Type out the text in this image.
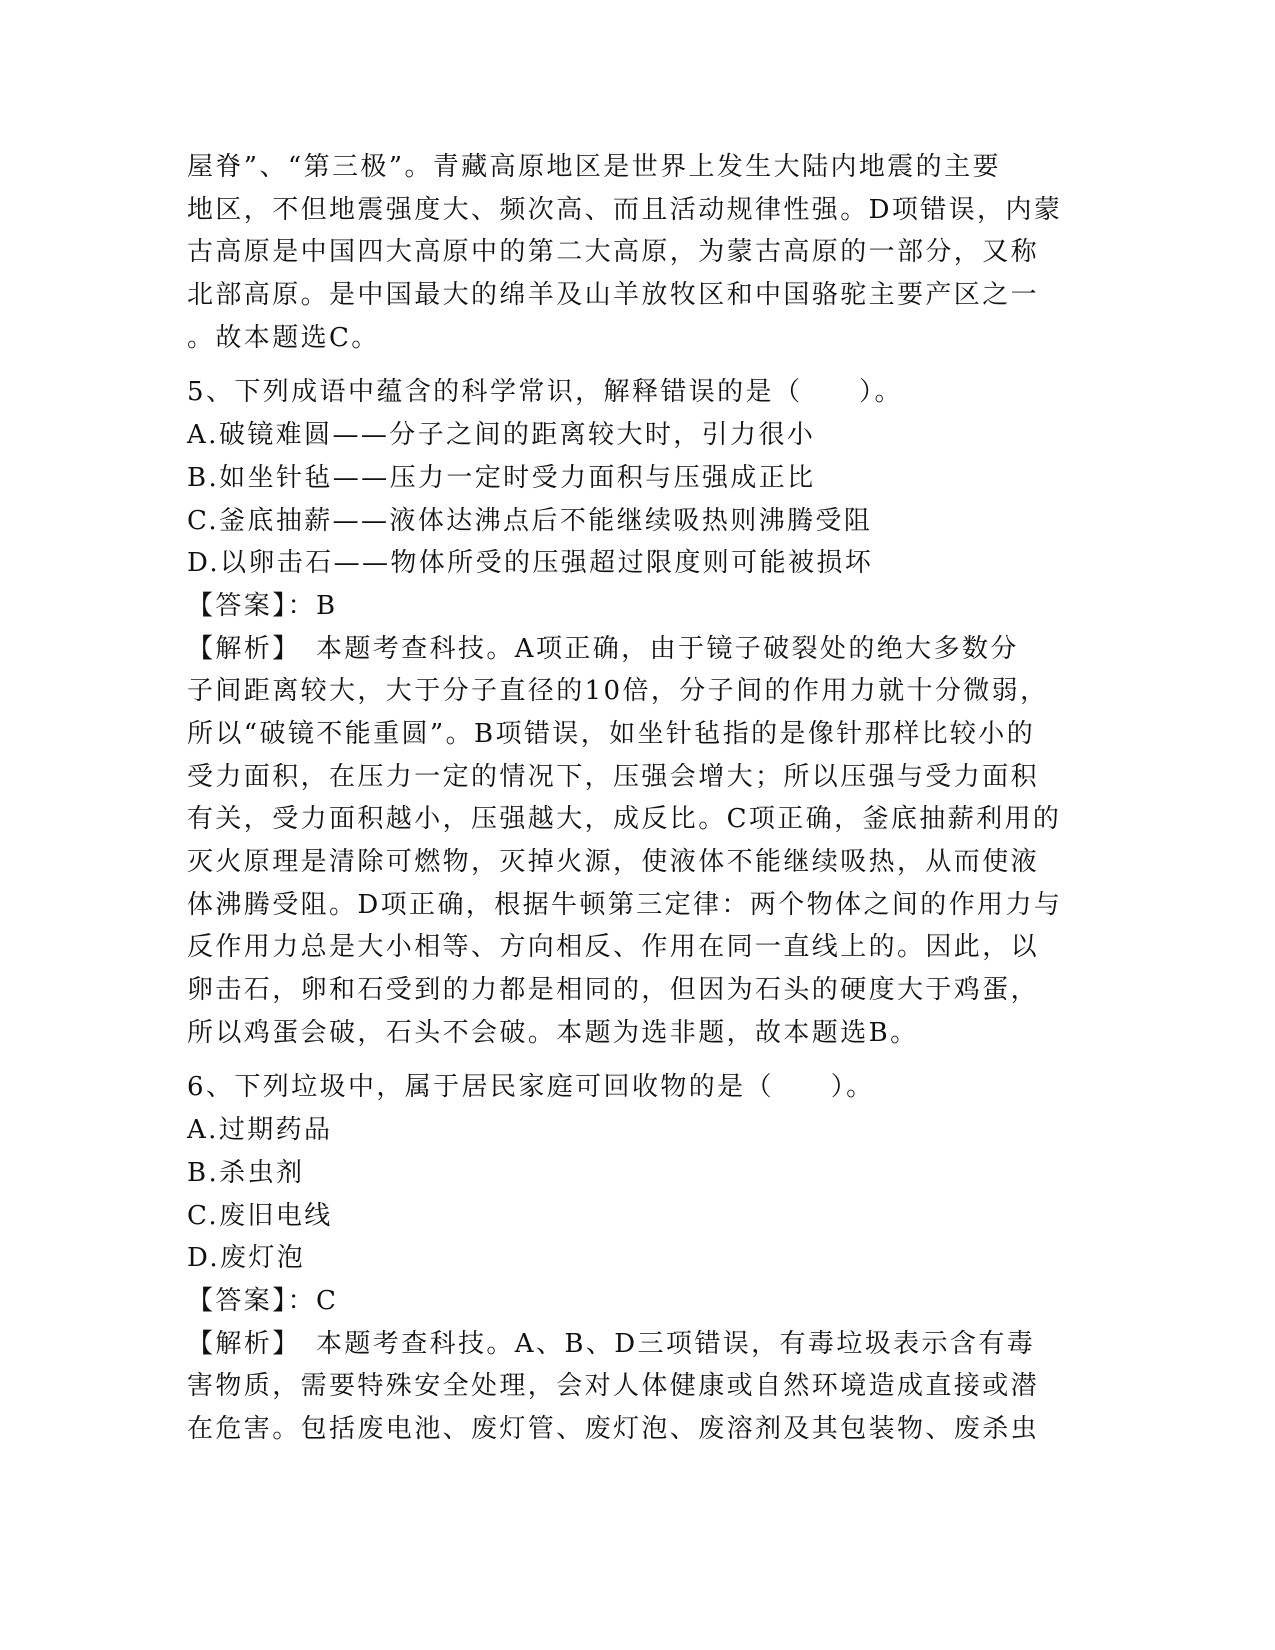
屋脊”、“第三极”。青藏高原地区是世界上发生大陆内地震的主要
地区，不但地震强度大、频次高、而且活动规律性强。D项错误，内蒙
古高原是中国四大高原中的第二大高原，为蒙古高原的一部分，又称
北部高原。是中国最大的绵羊及山羊放牧区和中国骆驼主要产区之一
。故本题选C。
5、下列成语中蕴含的科学常识，解释错误的是（　　）。
A.破镜难圆——分子之间的距离较大时，引力很小
B.如坐针毡——压力一定时受力面积与压强成正比
C.釜底抽薪——液体达沸点后不能继续吸热则沸腾受阻
D.以卵击石——物体所受的压强超过限度则可能被损坏
【答案】：B
【解析】　本题考查科技。A项正确，由于镜子破裂处的绝大多数分
子间距离较大，大于分子直径的10倍，分子间的作用力就十分微弱，
所以“破镜不能重圆”。B项错误，如坐针毡指的是像针那样比较小的
受力面积，在压力一定的情况下，压强会增大；所以压强与受力面积
有关，受力面积越小，压强越大，成反比。C项正确，釜底抽薪利用的
灭火原理是清除可燃物，灭掉火源，使液体不能继续吸热，从而使液
体沸腾受阻。D项正确，根据牛顿第三定律：两个物体之间的作用力与
反作用力总是大小相等、方向相反、作用在同一直线上的。因此，以
卵击石，卵和石受到的力都是相同的，但因为石头的硬度大于鸡蛋，
所以鸡蛋会破，石头不会破。本题为选非题，故本题选B。
6、下列垃圾中，属于居民家庭可回收物的是（　　）。
A.过期药品
B.杀虫剂
C.废旧电线
D.废灯泡
【答案】：C
【解析】　本题考查科技。A、B、D三项错误，有毒垃圾表示含有毒
害物质，需要特殊安全处理，会对人体健康或自然环境造成直接或潜
在危害。包括废电池、废灯管、废灯泡、废溶剂及其包装物、废杀虫
